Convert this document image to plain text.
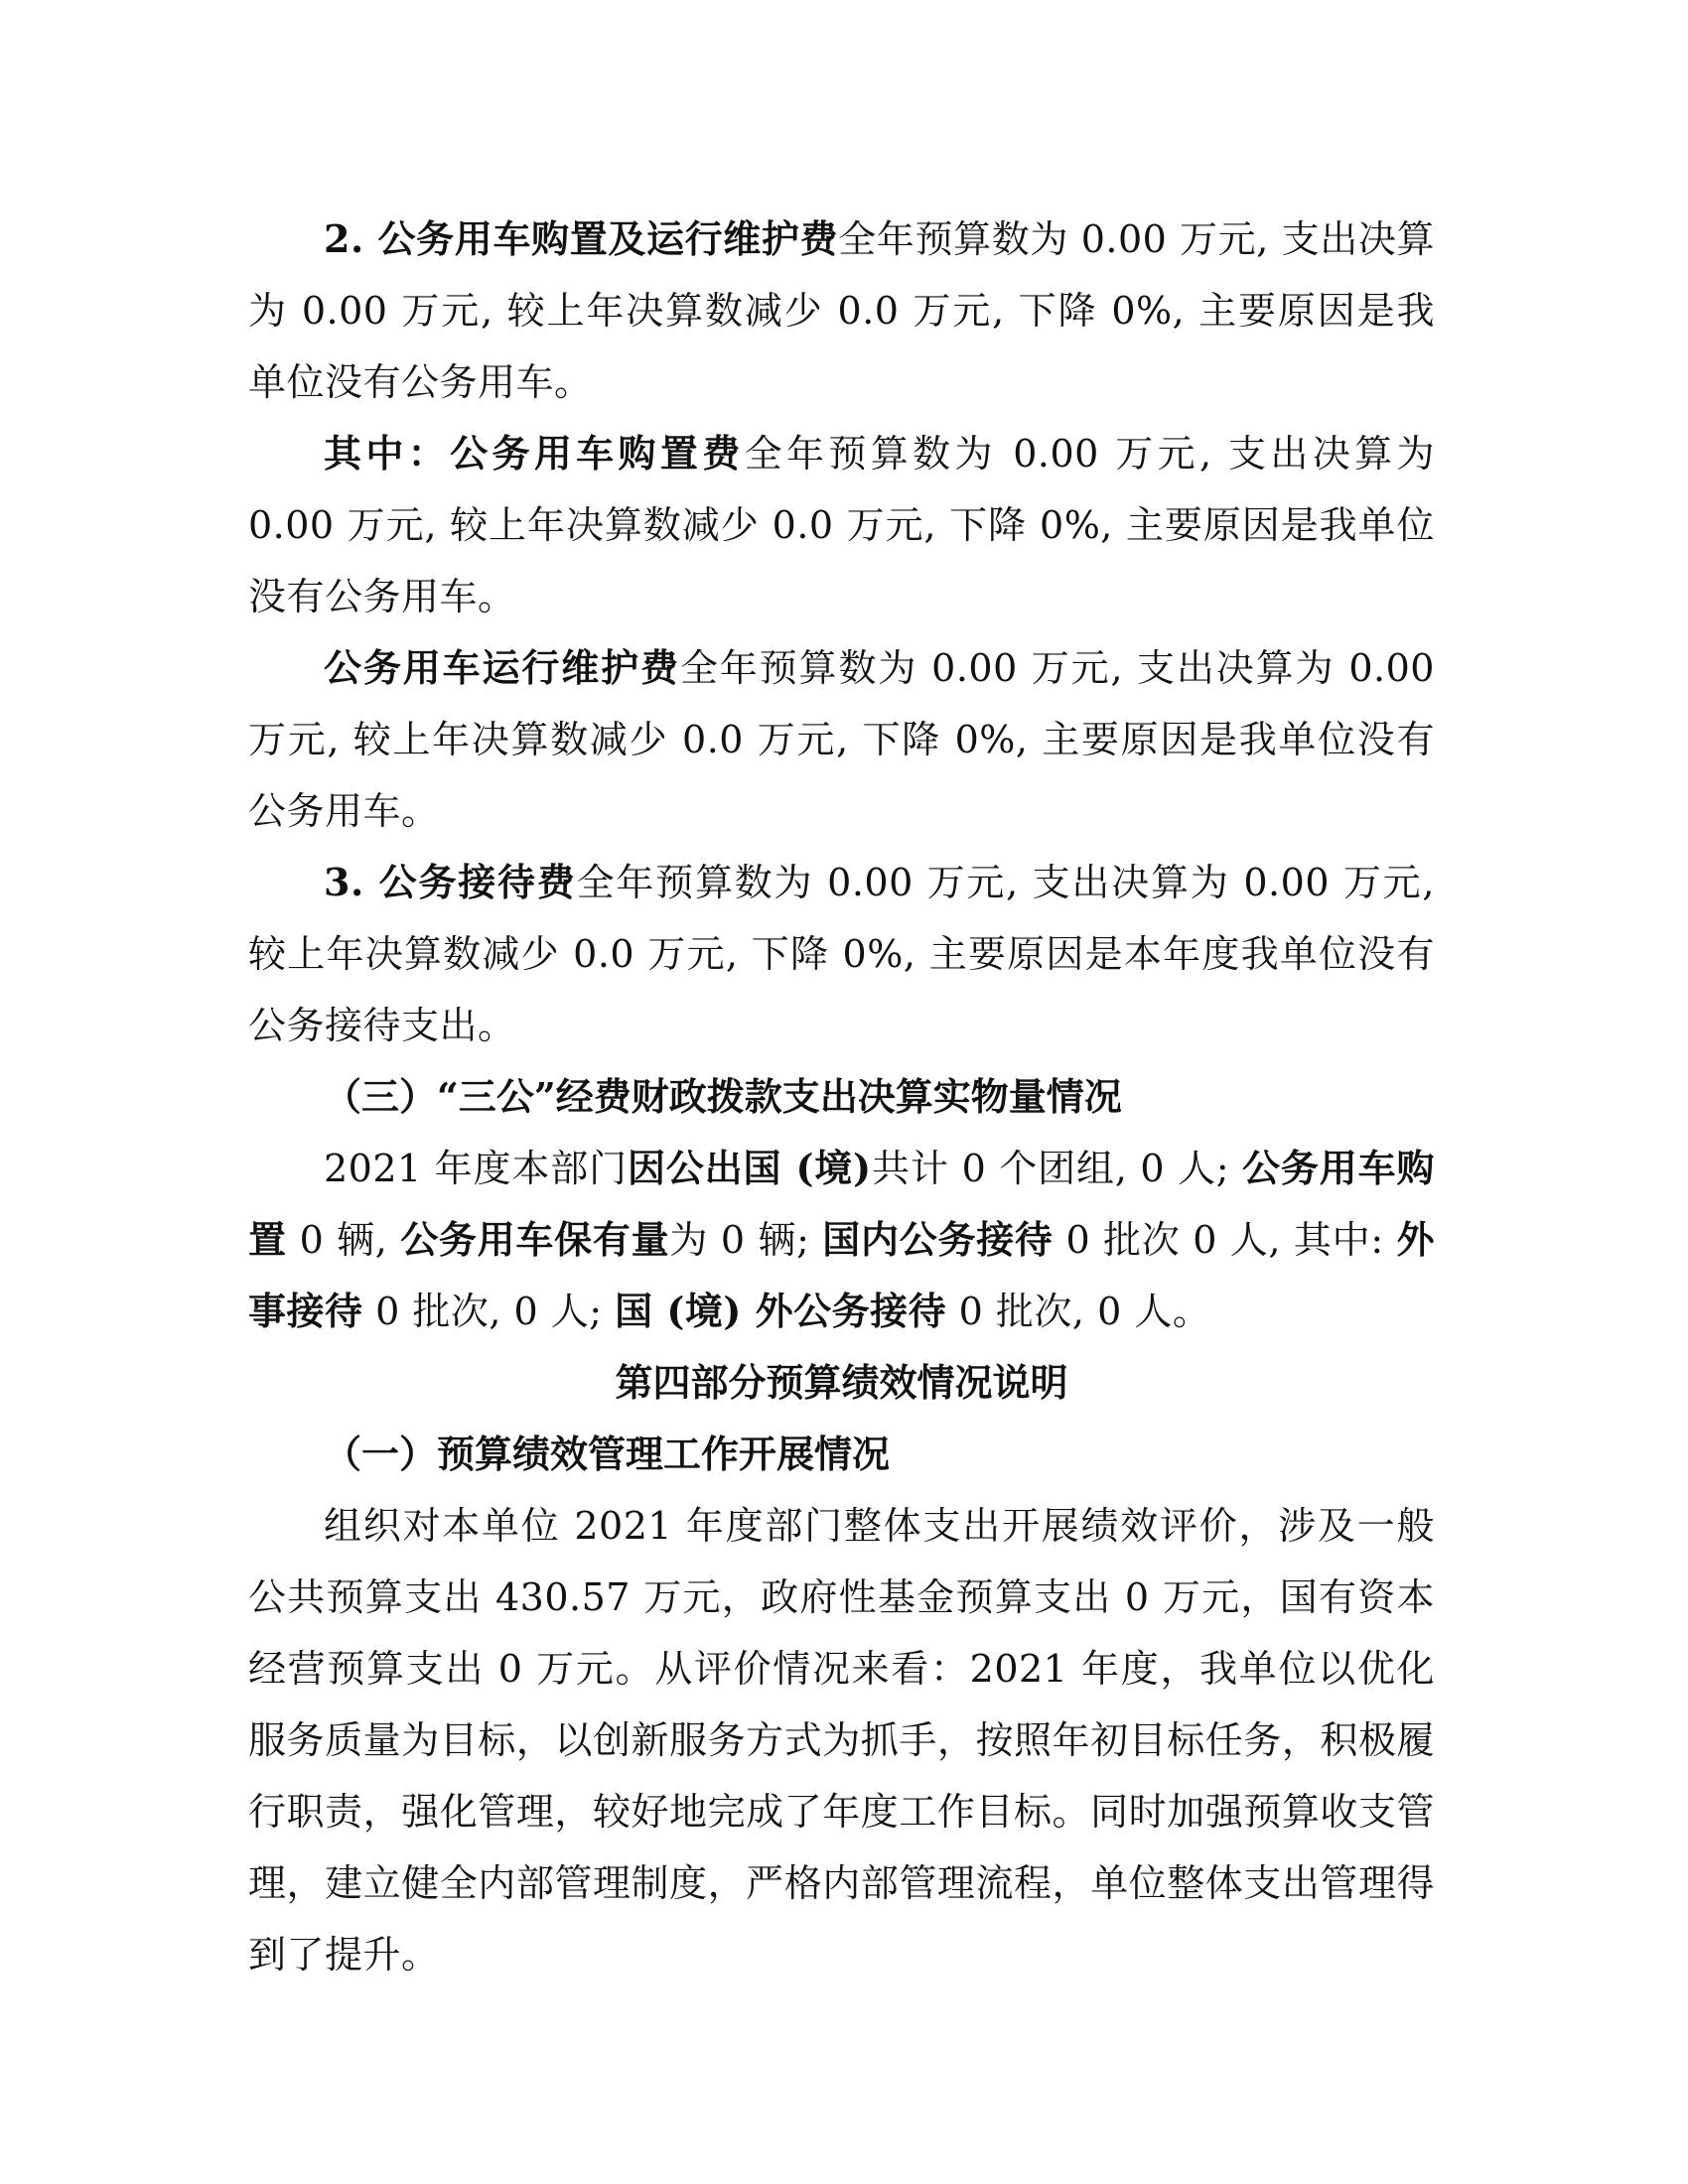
2. 公务用车购置及运行维护费全年预算数为 0.00 万元, 支出决算为 0.00 万元, 较上年决算数减少 0.0 万元, 下降 0%, 主要原因是我单位没有公务用车。

其中：公务用车购置费全年预算数为 0.00 万元, 支出决算为 0.00 万元, 较上年决算数减少 0.0 万元, 下降 0%, 主要原因是我单位没有公务用车。

公务用车运行维护费全年预算数为 0.00 万元, 支出决算为 0.00 万元, 较上年决算数减少 0.0 万元, 下降 0%, 主要原因是我单位没有公务用车。

3. 公务接待费全年预算数为 0.00 万元, 支出决算为 0.00 万元, 较上年决算数减少 0.0 万元, 下降 0%, 主要原因是本年度我单位没有公务接待支出。

（三）“三公”经费财政拨款支出决算实物量情况

2021 年度本部门因公出国 (境)共计 0 个团组, 0 人; 公务用车购置 0 辆, 公务用车保有量为 0 辆; 国内公务接待 0 批次 0 人, 其中: 外事接待 0 批次, 0 人; 国 (境) 外公务接待 0 批次, 0 人。

第四部分预算绩效情况说明
（一）预算绩效管理工作开展情况

组织对本单位 2021 年度部门整体支出开展绩效评价，涉及一般公共预算支出 430.57 万元，政府性基金预算支出 0 万元，国有资本经营预算支出 0 万元。从评价情况来看：2021 年度，我单位以优化服务质量为目标，以创新服务方式为抓手，按照年初目标任务，积极履行职责，强化管理，较好地完成了年度工作目标。同时加强预算收支管理，建立健全内部管理制度，严格内部管理流程，单位整体支出管理得到了提升。
